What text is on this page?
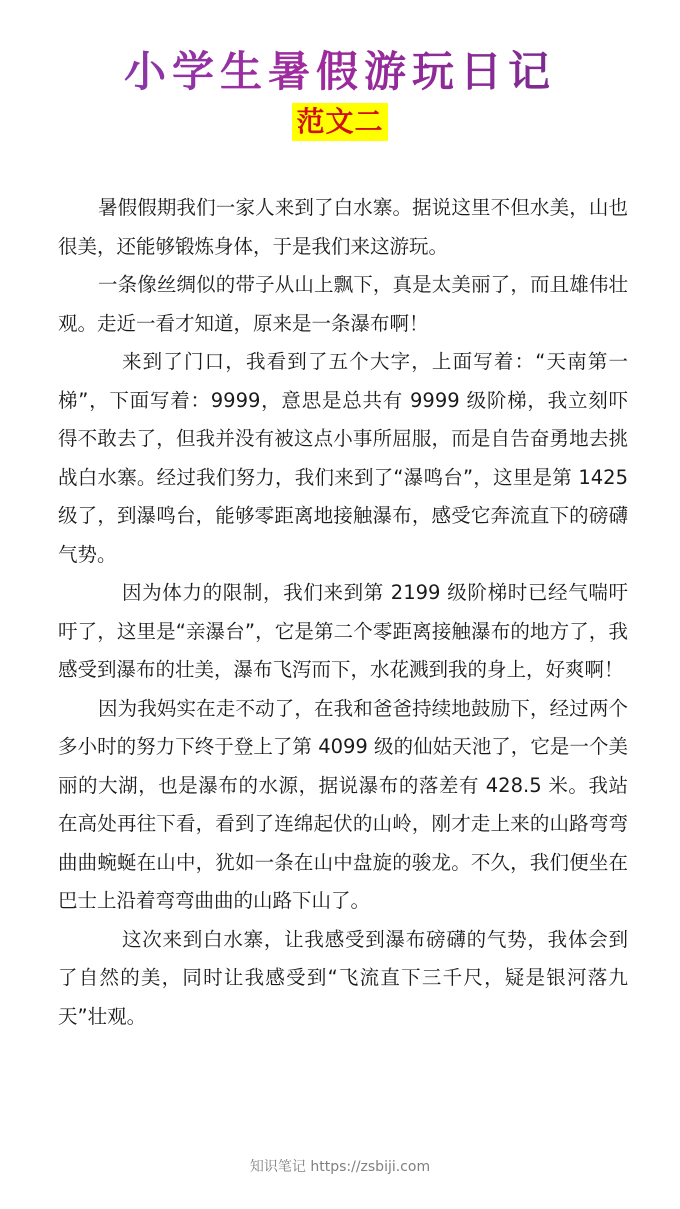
小学生暑假游玩日记
范文二

暑假假期我们一家人来到了白水寨。据说这里不但水美，山也很美，还能够锻炼身体，于是我们来这游玩。

一条像丝绸似的带子从山上飘下，真是太美丽了，而且雄伟壮观。走近一看才知道，原来是一条瀑布啊！

来到了门口，我看到了五个大字，上面写着：“天南第一梯”，下面写着：9999，意思是总共有 9999 级阶梯，我立刻吓得不敢去了，但我并没有被这点小事所屈服，而是自告奋勇地去挑战白水寨。经过我们努力，我们来到了“瀑鸣台”，这里是第 1425 级了，到瀑鸣台，能够零距离地接触瀑布，感受它奔流直下的磅礴气势。

因为体力的限制，我们来到第 2199 级阶梯时已经气喘吁吁了，这里是“亲瀑台”，它是第二个零距离接触瀑布的地方了，我感受到瀑布的壮美，瀑布飞泻而下，水花溅到我的身上，好爽啊！

因为我妈实在走不动了，在我和爸爸持续地鼓励下，经过两个多小时的努力下终于登上了第 4099 级的仙姑天池了，它是一个美丽的大湖，也是瀑布的水源，据说瀑布的落差有 428.5 米。我站在高处再往下看，看到了连绵起伏的山岭，刚才走上来的山路弯弯曲曲蜿蜒在山中，犹如一条在山中盘旋的骏龙。不久，我们便坐在巴士上沿着弯弯曲曲的山路下山了。

这次来到白水寨，让我感受到瀑布磅礴的气势，我体会到了自然的美，同时让我感受到“飞流直下三千尺，疑是银河落九天”壮观。

知识笔记 https://zsbiji.com
